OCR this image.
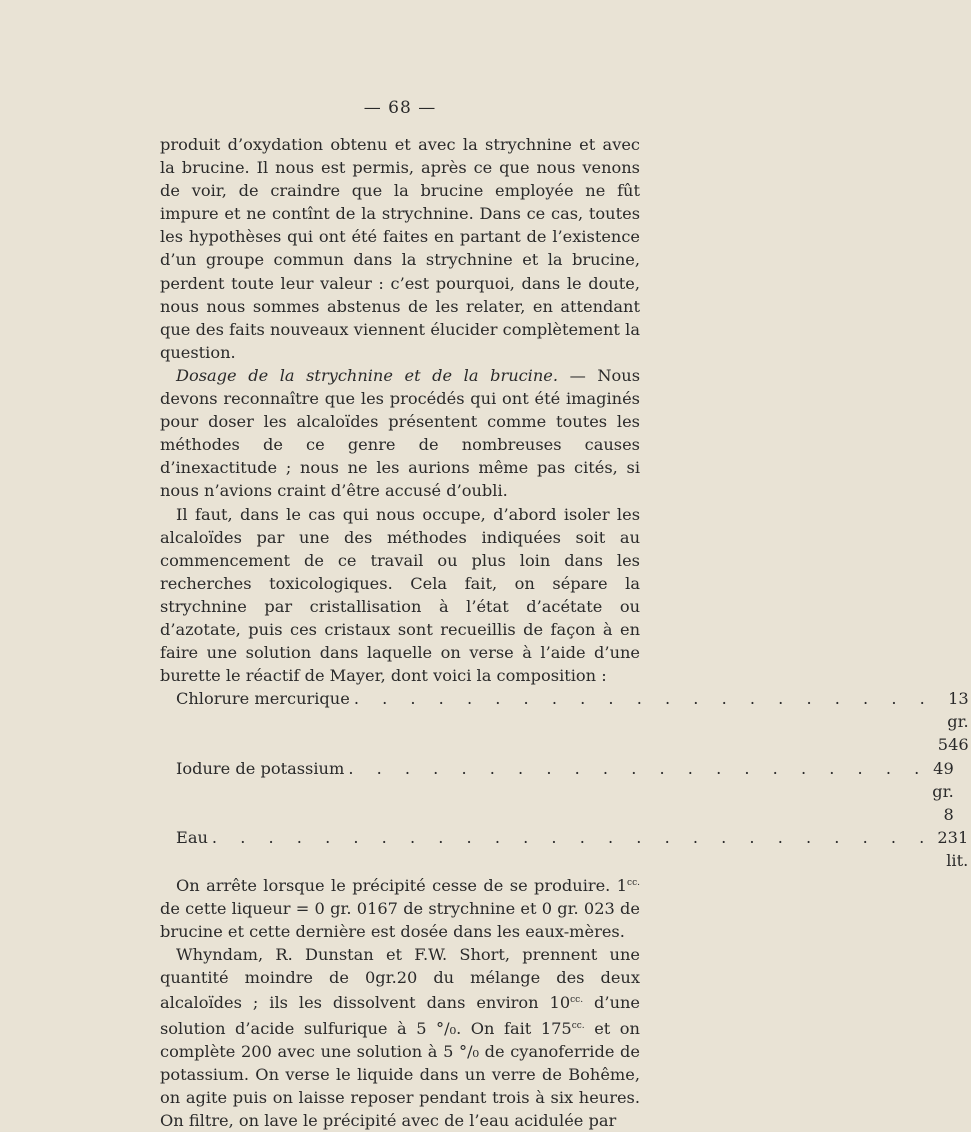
— 68 —

produit d’oxydation obtenu et avec la strychnine et avec la brucine. Il nous est permis, après ce que nous venons de voir, de craindre que la brucine employée ne fût impure et ne contînt de la strychnine. Dans ce cas, toutes les hypothèses qui ont été faites en partant de l’existence d’un groupe commun dans la strychnine et la brucine, perdent toute leur valeur : c’est pourquoi, dans le doute, nous nous sommes abstenus de les relater, en attendant que des faits nouveaux viennent élucider complètement la question.

Dosage de la strychnine et de la brucine. — Nous devons reconnaître que les procédés qui ont été imaginés pour doser les alcaloïdes présentent comme toutes les méthodes de ce genre de nombreuses causes d’inexactitude ; nous ne les aurions même pas cités, si nous n’avions craint d’être accusé d’oubli.

Il faut, dans le cas qui nous occupe, d’abord isoler les alcaloïdes par une des méthodes indiquées soit au commencement de ce travail ou plus loin dans les recherches toxicologiques. Cela fait, on sépare la strychnine par cristallisation à l’état d’acétate ou d’azotate, puis ces cristaux sont recueillis de façon à en faire une solution dans laquelle on verse à l’aide d’une burette le réactif de Mayer, dont voici la composition :

Chlorure mercurique . . . . . . . . . . . . . . . . . . . . . 13 gr. 546
Iodure de potassium . . . . . . . . . . . . . . . . . . . . . 49 gr. 8
Eau . . . . . . . . . . . . . . . . . . . . . . . . . . 231 lit.

On arrête lorsque le précipité cesse de se produire. $1^{cc.}$ de cette liqueur = 0 gr. 0167 de strychnine et 0 gr. 023 de brucine et cette dernière est dosée dans les eaux-mères.

Whyndam, R. Dunstan et F.W. Short, prennent une quantité moindre de 0gr.20 du mélange des deux alcaloïdes ; ils les dissolvent dans environ $10^{cc.}$ d’une solution d’acide sulfurique à 5 °/₀. On fait $175^{cc.}$ et on complète 200 avec une solution à 5 °/₀ de cyanoferride de potassium. On verse le liquide dans un verre de Bohême, on agite puis on laisse reposer pendant trois à six heures. On filtre, on lave le précipité avec de l’eau acidulée par
